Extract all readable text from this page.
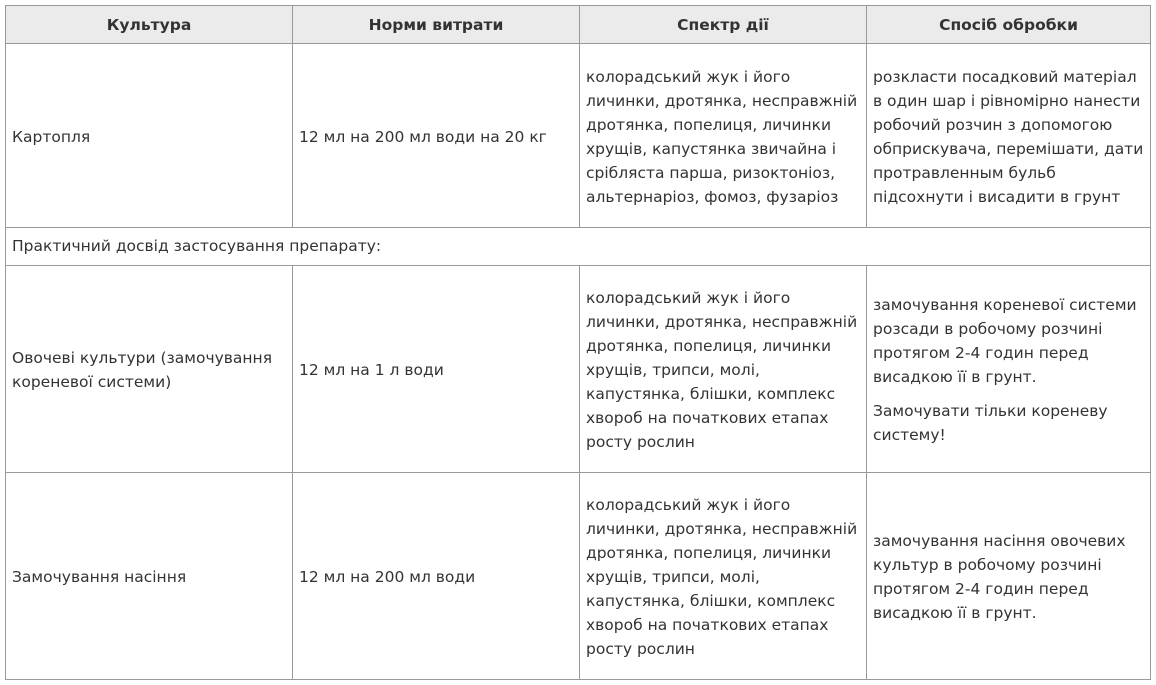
Культура	Норми витрати	Спектр дії	Спосіб обробки
Картопля	12 мл на 200 мл води на 20 кг	колорадський жук і його личинки, дротянка, несправжній дротянка, попелиця, личинки хрущів, капустянка звичайна і срібляста парша, ризоктоніоз, альтернаріоз, фомоз, фузаріоз	розкласти посадковий матеріал в один шар і рівномірно нанести робочий розчин з допомогою обприскувача, перемішати, дати протравленным бульб підсохнути і висадити в грунт
Практичний досвід застосування препарату:			
Овочеві культури (замочування кореневої системи)	12 мл на 1 л води	колорадський жук і його личинки, дротянка, несправжній дротянка, попелиця, личинки хрущів, трипси, молі, капустянка, блішки, комплекс хвороб на початкових етапах росту рослин	замочування кореневої системи розсади в робочому розчині протягом 2-4 годин перед висадкою її в грунт.
Замочувати тільки кореневу систему!

Замочування насіння	12 мл на 200 мл води	колорадський жук і його личинки, дротянка, несправжній дротянка, попелиця, личинки хрущів, трипси, молі, капустянка, блішки, комплекс хвороб на початкових етапах росту рослин	замочування насіння овочевих культур в робочому розчині протягом 2-4 годин перед висадкою її в грунт.
